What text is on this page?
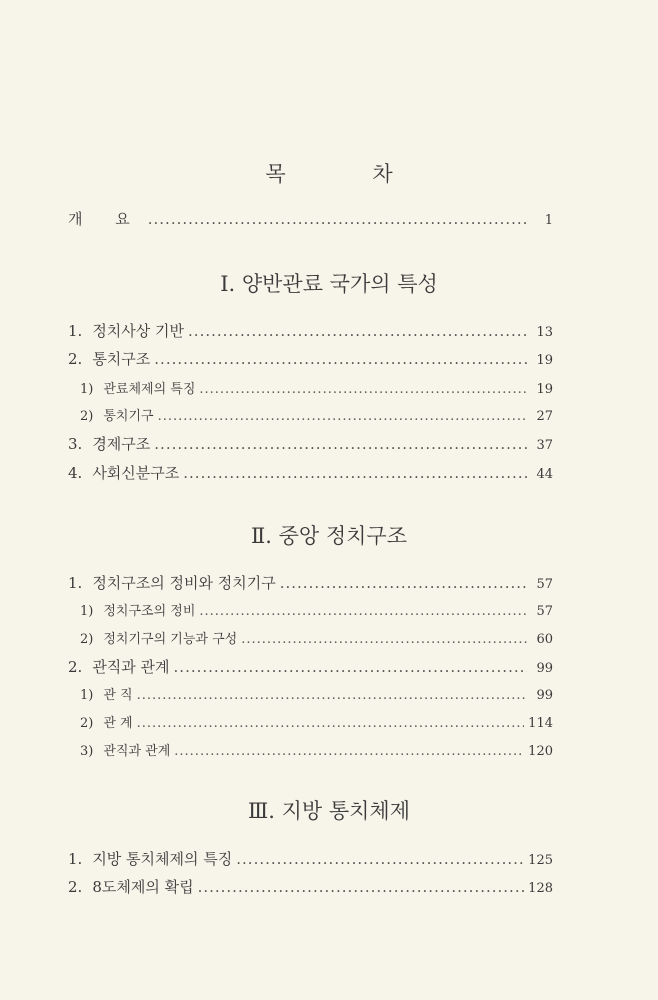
목 차
개 요 .....	1
Ⅰ. 양반관료 국가의 특성
1. 정치사상 기반 .....	13
2. 통치구조 .....	19
1) 관료체제의 특징 .....	19
2) 통치기구 .....	27
3. 경제구조 .....	37
4. 사회신분구조 .....	44
Ⅱ. 중앙 정치구조
1. 정치구조의 정비와 정치기구 .....	57
1) 정치구조의 정비 .....	57
2) 정치기구의 기능과 구성 .....	60
2. 관직과 관계 .....	99
1) 관 직 .....	99
2) 관 계 .....	114
3) 관직과 관계 .....	120
Ⅲ. 지방 통치체제
1. 지방 통치체제의 특징 .....	125
2. 8도체제의 확립 .....	128
